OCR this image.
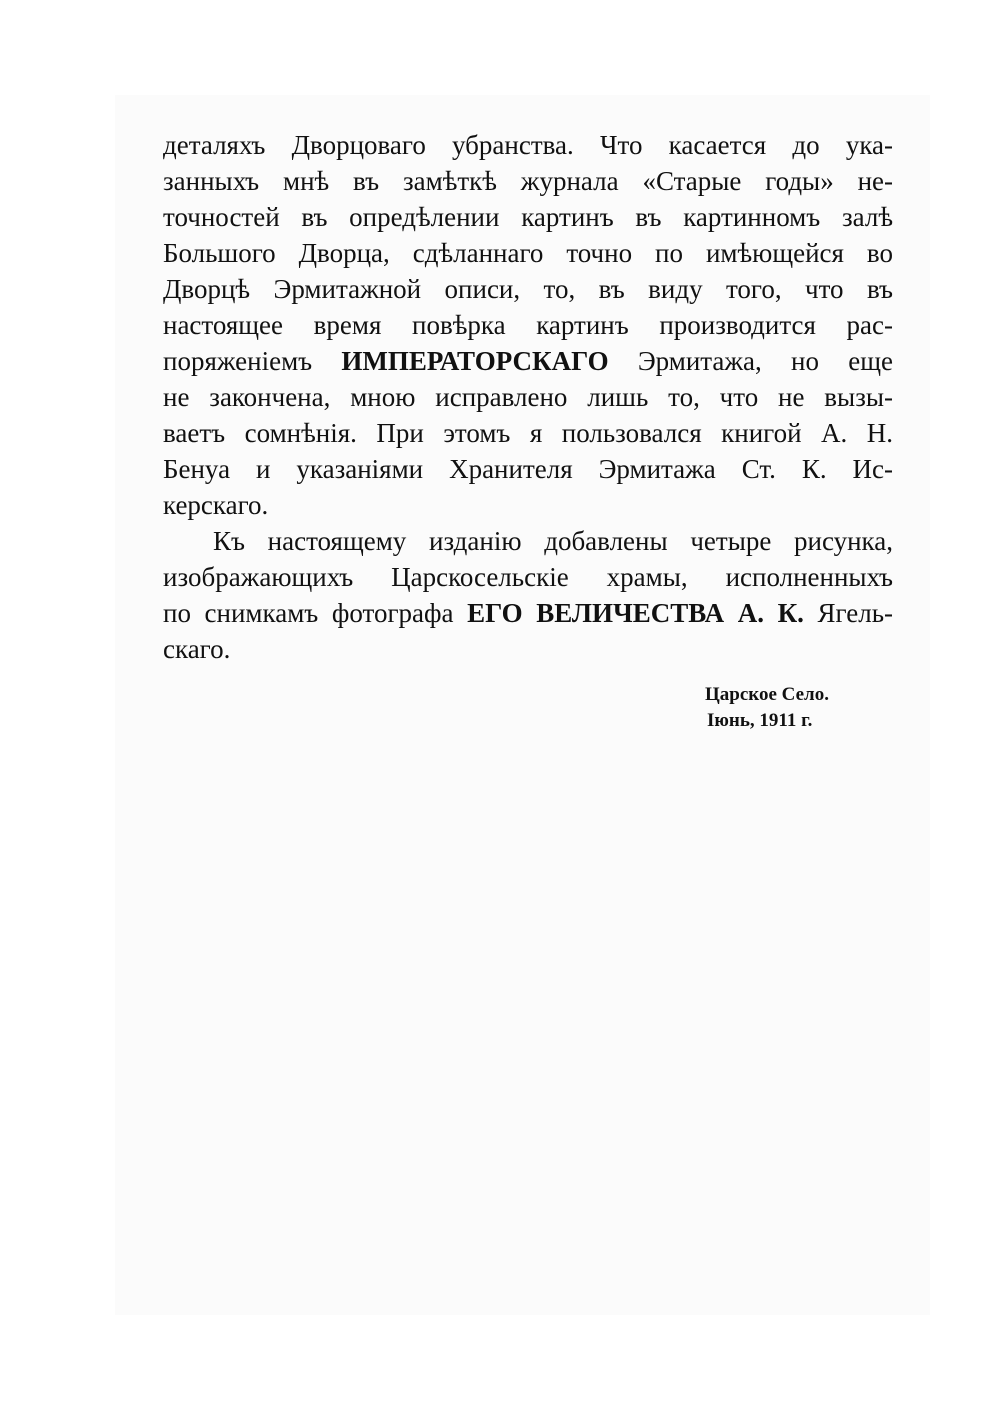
деталяхъ Дворцоваго убранства. Что касается до ука-
занныхъ мнѣ въ замѣткѣ журнала «Старые годы» не-
точностей въ опредѣлении картинъ въ картинномъ залѣ
Большого Дворца, сдѣланнаго точно по имѣющейся во
Дворцѣ Эрмитажной описи, то, въ виду того, что въ
настоящее время повѣрка картинъ производится рас-
поряженіемъ ИМПЕРАТОРСКАГО Эрмитажа, но еще
не закончена, мною исправлено лишь то, что не вызы-
ваетъ сомнѣнія. При этомъ я пользовался книгой А. Н.
Бенуа и указаніями Хранителя Эрмитажа Ст. К. Ис-
керскаго.
Къ настоящему изданію добавлены четыре рисунка,
изображающихъ Царскосельскіе храмы, исполненныхъ
по снимкамъ фотографа ЕГО ВЕЛИЧЕСТВА А. К. Ягель-
скаго.
Царское Село.
Іюнь, 1911 г.
